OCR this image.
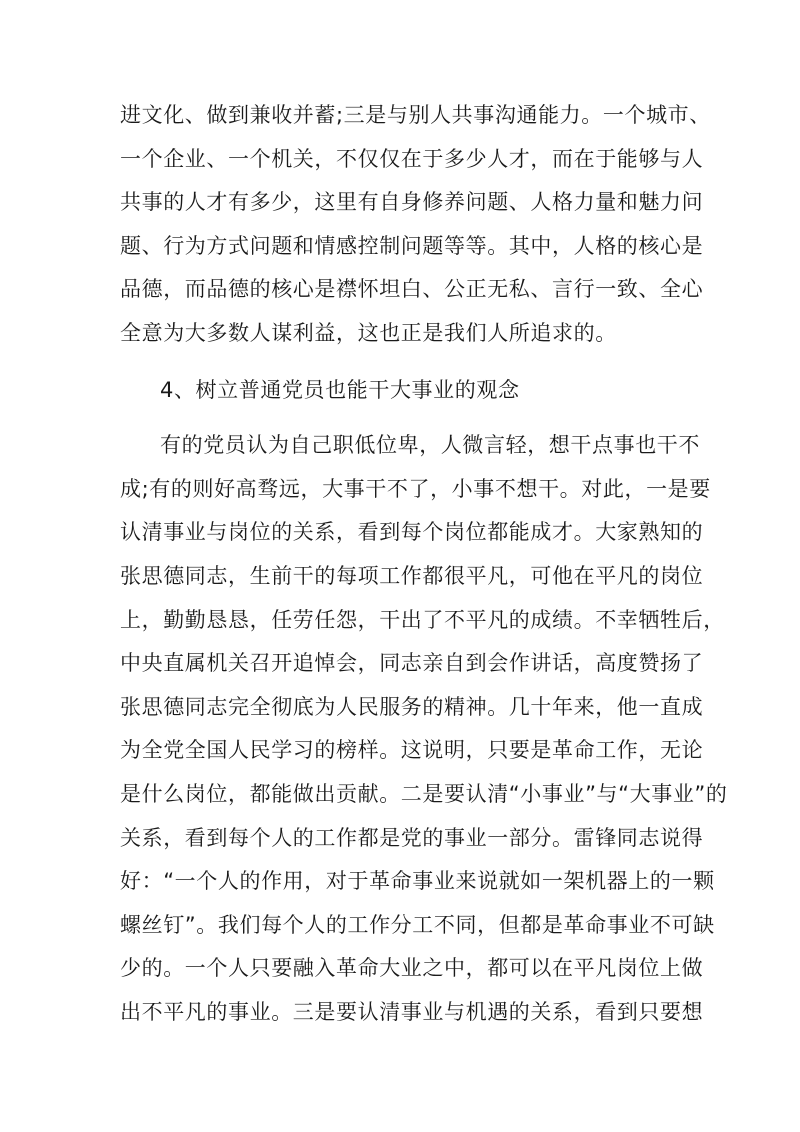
进文化、做到兼收并蓄;三是与别人共事沟通能力。一个城市、
一个企业、一个机关，不仅仅在于多少人才，而在于能够与人
共事的人才有多少，这里有自身修养问题、人格力量和魅力问
题、行为方式问题和情感控制问题等等。其中，人格的核心是
品德，而品德的核心是襟怀坦白、公正无私、言行一致、全心
全意为大多数人谋利益，这也正是我们人所追求的。
4、树立普通党员也能干大事业的观念
有的党员认为自己职低位卑，人微言轻，想干点事也干不
成;有的则好高骛远，大事干不了，小事不想干。对此，一是要
认清事业与岗位的关系，看到每个岗位都能成才。大家熟知的
张思德同志，生前干的每项工作都很平凡，可他在平凡的岗位
上，勤勤恳恳，任劳任怨，干出了不平凡的成绩。不幸牺牲后，
中央直属机关召开追悼会，同志亲自到会作讲话，高度赞扬了
张思德同志完全彻底为人民服务的精神。几十年来，他一直成
为全党全国人民学习的榜样。这说明，只要是革命工作，无论
是什么岗位，都能做出贡献。二是要认清“小事业”与“大事业”的
关系，看到每个人的工作都是党的事业一部分。雷锋同志说得
好：“一个人的作用，对于革命事业来说就如一架机器上的一颗
螺丝钉”。我们每个人的工作分工不同，但都是革命事业不可缺
少的。一个人只要融入革命大业之中，都可以在平凡岗位上做
出不平凡的事业。三是要认清事业与机遇的关系，看到只要想
